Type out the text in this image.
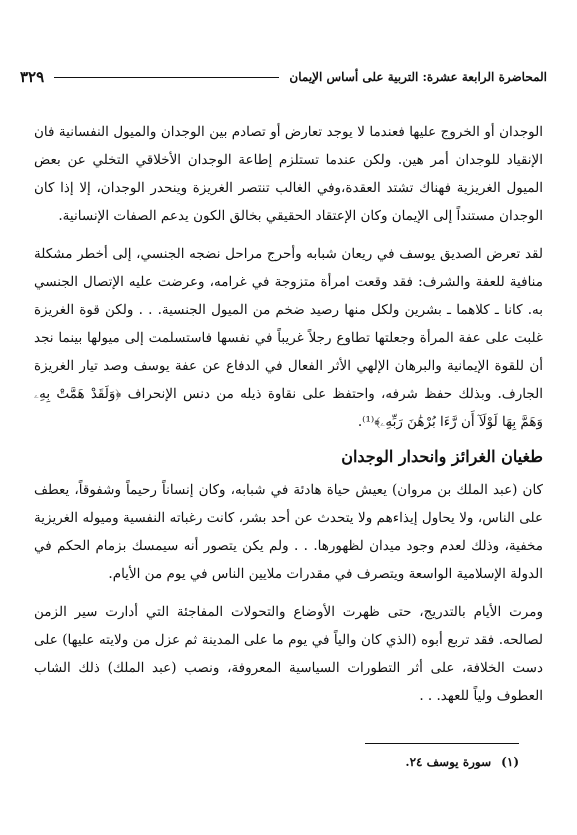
المحاضرة الرابعة عشرة: التربية على أساس الإيمان
٣٢٩

الوجدان أو الخروج عليها فعندما لا يوجد تعارض أو تصادم بين الوجدان والميول النفسانية فان الإنقياد للوجدان أمر هين. ولكن عندما تستلزم إطاعة الوجدان الأخلاقي التخلي عن بعض الميول الغريزية فهناك تشتد العقدة،وفي الغالب تنتصر الغريزة وينحدر الوجدان، إلا إذا كان الوجدان مستنداً إلى الإيمان وكان الإعتقاد الحقيقي بخالق الكون يدعم الصفات الإنسانية.

لقد تعرض الصديق يوسف في ريعان شبابه وأحرج مراحل نضجه الجنسي، إلى أخطر مشكلة منافية للعفة والشرف: فقد وقعت امرأة متزوجة في غرامه، وعرضت عليه الإتصال الجنسي به. كانا ـ كلاهما ـ بشرين ولكل منها رصيد ضخم من الميول الجنسية. . . ولكن قوة الغريزة غلبت على عفة المرأة وجعلتها تطاوع رجلاً غريباً في نفسها فاستسلمت إلى ميولها بينما نجد أن للقوة الإيمانية والبرهان الإلهي الأثر الفعال في الدفاع عن عفة يوسف وصد تيار الغريزة الجارف. وبذلك حفظ شرفه، واحتفظ على نقاوة ذيله من دنس الإنحراف ﴿وَلَقَدْ هَمَّتْ بِهِۦ وَهَمَّ بِهَا لَوْلَآ أَن رَّءَا بُرْهَٰنَ رَبِّهِۦ﴾⁽¹⁾.

طغيان الغرائز وانحدار الوجدان

كان (عبد الملك بن مروان) يعيش حياة هادئة في شبابه، وكان إنساناً رحيماً وشفوقاً، يعطف على الناس، ولا يحاول إيذاءهم ولا يتحدث عن أحد بشر، كانت رغباته النفسية وميوله الغريزية مخفية، وذلك لعدم وجود ميدان لظهورها. . . ولم يكن يتصور أنه سيمسك بزمام الحكم في الدولة الإسلامية الواسعة ويتصرف في مقدرات ملايين الناس في يوم من الأيام.

ومرت الأيام بالتدريج، حتى ظهرت الأوضاع والتحولات المفاجئة التي أدارت سير الزمن لصالحه. فقد تربع أبوه (الذي كان والياً في يوم ما على المدينة ثم عزل من ولايته عليها) على دست الخلافة، على أثر التطورات السياسية المعروفة، ونصب (عبد الملك) ذلك الشاب العطوف ولياً للعهد. . .

(١)سورة يوسف ٢٤.
